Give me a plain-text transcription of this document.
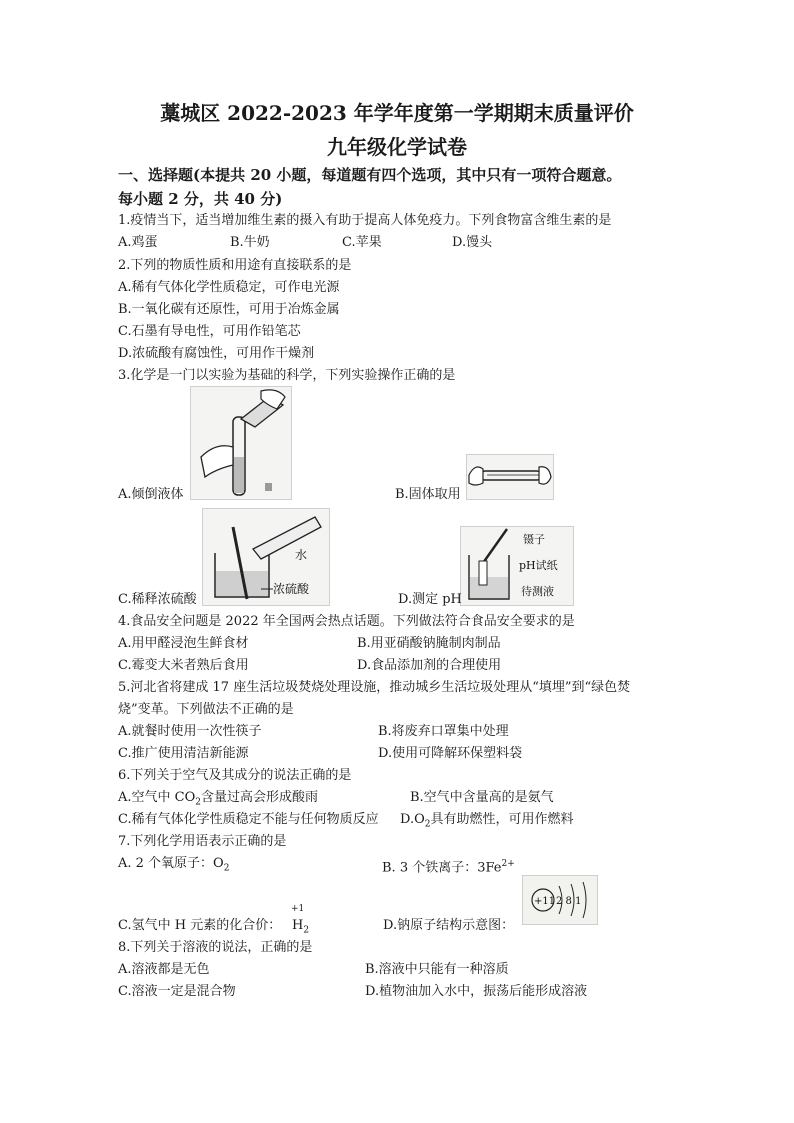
藁城区 2022-2023 年学年度第一学期期末质量评价
九年级化学试卷
一、选择题(本提共 20 小题，每道题有四个选项，其中只有一项符合题意。
每小题 2 分，共 40 分)
1.疫情当下，适当增加维生素的摄入有助于提高人体免疫力。下列食物富含维生素的是
A.鸡蛋	B.牛奶	C.苹果	D.馒头
2.下列的物质性质和用途有直接联系的是
A.稀有气体化学性质稳定，可作电光源
B.一氧化碳有还原性，可用于冶炼金属
C.石墨有导电性，可用作铅笔芯
D.浓硫酸有腐蚀性，可用作干燥剂
3.化学是一门以实验为基础的科学，下列实验操作正确的是
A.倾倒液体	B.固体取用
水
浓硫酸
C.稀释浓硫酸
镊子
pH试纸
待测液
D.测定 pH
4.食品安全问题是 2022 年全国两会热点话题。下列做法符合食品安全要求的是
A.用甲醛浸泡生鲜食材	B.用亚硝酸钠腌制肉制品
C.霉变大米者熟后食用	D.食品添加剂的合理使用
5.河北省将建成 17 座生活垃圾焚烧处理设施，推动城乡生活垃圾处理从“填埋”到“绿色焚
烧”变革。下列做法不正确的是
A.就餐时使用一次性筷子	B.将废弃口罩集中处理
C.推广使用清洁新能源	D.使用可降解环保塑料袋
6.下列关于空气及其成分的说法正确的是
A.空气中 $CO_2$含量过高会形成酸雨	B.空气中含量高的是氨气
C.稀有气体化学性质稳定不能与任何物质反应 $D.O_2$具有助燃性，可用作燃料
7.下列化学用语表示正确的是
A. 2 个氧原子：$O_2$	B. 3 个铁离子：$3Fe^{2+}$
C.氢气中 H 元素的化合价：
+1
$H_2$	D.钠原子结构示意图：
+11 2 8 1
8.下列关于溶液的说法，正确的是
A.溶液都是无色	B.溶液中只能有一种溶质
C.溶液一定是混合物	D.植物油加入水中，振荡后能形成溶液
